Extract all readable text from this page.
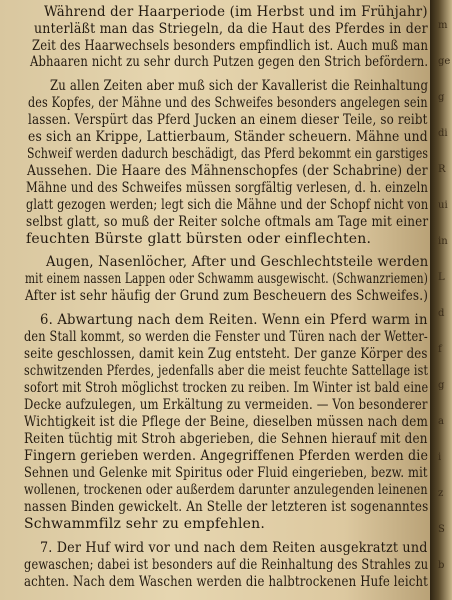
Während der Haarperiode (im Herbst und im Frühjahr)
unterläßt man das Striegeln, da die Haut des Pferdes in der
Zeit des Haarwechsels besonders empfindlich ist. Auch muß man
Abhaaren nicht zu sehr durch Putzen gegen den Strich befördern.
Zu allen Zeiten aber muß sich der Kavallerist die Reinhaltung
des Kopfes, der Mähne und des Schweifes besonders angelegen sein
lassen. Verspürt das Pferd Jucken an einem dieser Teile, so reibt
es sich an Krippe, Lattierbaum, Ständer scheuern. Mähne und
Schweif werden dadurch beschädigt, das Pferd bekommt ein garstiges
Aussehen. Die Haare des Mähnenschopfes (der Schabrine) der
Mähne und des Schweifes müssen sorgfältig verlesen, d. h. einzeln
glatt gezogen werden; legt sich die Mähne und der Schopf nicht von
selbst glatt, so muß der Reiter solche oftmals am Tage mit einer
feuchten Bürste glatt bürsten oder einflechten.
Augen, Nasenlöcher, After und Geschlechtsteile werden
mit einem nassen Lappen oder Schwamm ausgewischt. (Schwanzriemen)
After ist sehr häufig der Grund zum Bescheuern des Schweifes.)
6. Abwartung nach dem Reiten. Wenn ein Pferd warm in
den Stall kommt, so werden die Fenster und Türen nach der Wetter-
seite geschlossen, damit kein Zug entsteht. Der ganze Körper des
schwitzenden Pferdes, jedenfalls aber die meist feuchte Sattellage ist
sofort mit Stroh möglichst trocken zu reiben. Im Winter ist bald eine
Decke aufzulegen, um Erkältung zu vermeiden. — Von besonderer
Wichtigkeit ist die Pflege der Beine, dieselben müssen nach dem
Reiten tüchtig mit Stroh abgerieben, die Sehnen hierauf mit den
Fingern gerieben werden. Angegriffenen Pferden werden die
Sehnen und Gelenke mit Spiritus oder Fluid eingerieben, bezw. mit
wollenen, trockenen oder außerdem darunter anzulegenden leinenen
nassen Binden gewickelt. An Stelle der letzteren ist sogenanntes
Schwammfilz sehr zu empfehlen.
7. Der Huf wird vor und nach dem Reiten ausgekratzt und
gewaschen; dabei ist besonders auf die Reinhaltung des Strahles zu
achten. Nach dem Waschen werden die halbtrockenen Hufe leicht
m
ge
g
di
R
ui
in
L
d
f
g
a
i
z
S
b
